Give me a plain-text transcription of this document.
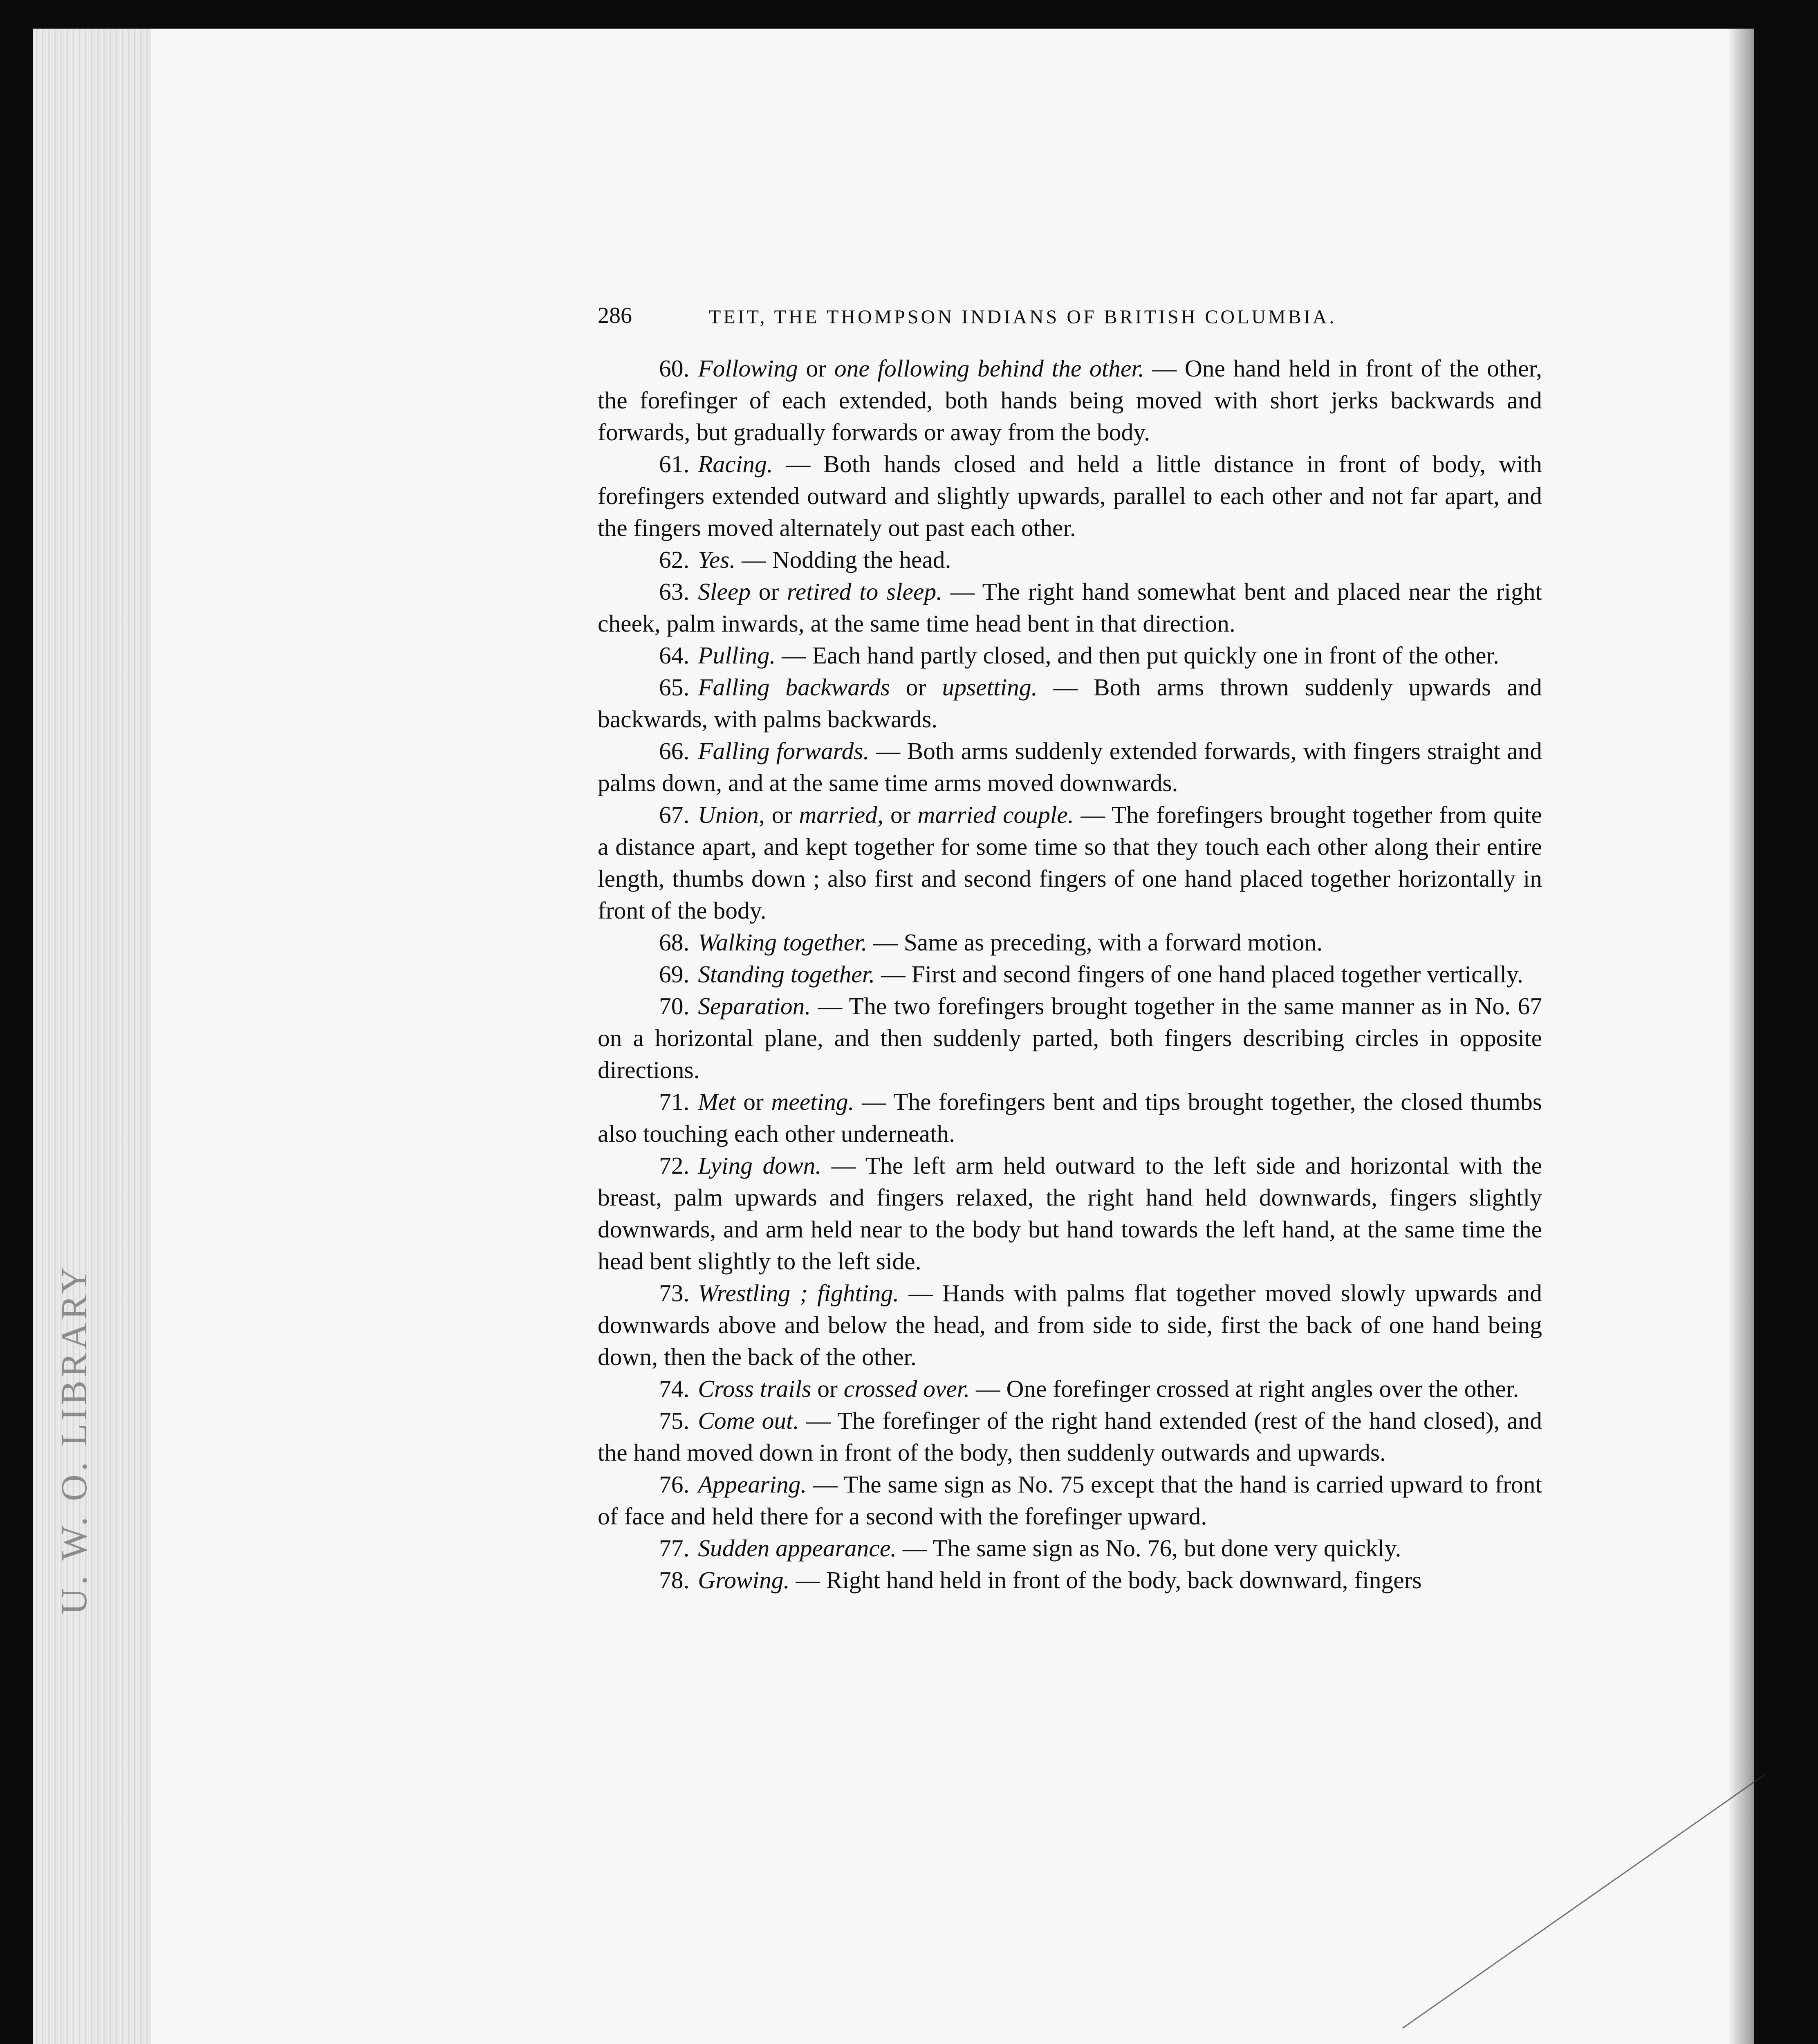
U. W. O. LIBRARY
286	TEIT, THE THOMPSON INDIANS OF BRITISH COLUMBIA.

60. Following or one following behind the other. — One hand held in front of the other, the forefinger of each extended, both hands being moved with short jerks backwards and forwards, but gradually forwards or away from the body.

61. Racing. — Both hands closed and held a little distance in front of body, with forefingers extended outward and slightly upwards, parallel to each other and not far apart, and the fingers moved alternately out past each other.

62. Yes. — Nodding the head.

63. Sleep or retired to sleep. — The right hand somewhat bent and placed near the right cheek, palm inwards, at the same time head bent in that direction.

64. Pulling. — Each hand partly closed, and then put quickly one in front of the other.

65. Falling backwards or upsetting. — Both arms thrown suddenly upwards and backwards, with palms backwards.

66. Falling forwards. — Both arms suddenly extended forwards, with fingers straight and palms down, and at the same time arms moved downwards.

67. Union, or married, or married couple. — The forefingers brought together from quite a distance apart, and kept together for some time so that they touch each other along their entire length, thumbs down ; also first and second fingers of one hand placed together horizontally in front of the body.

68. Walking together. — Same as preceding, with a forward motion.

69. Standing together. — First and second fingers of one hand placed together vertically.

70. Separation. — The two forefingers brought together in the same manner as in No. 67 on a horizontal plane, and then suddenly parted, both fingers describing circles in opposite directions.

71. Met or meeting. — The forefingers bent and tips brought together, the closed thumbs also touching each other underneath.

72. Lying down. — The left arm held outward to the left side and horizontal with the breast, palm upwards and fingers relaxed, the right hand held downwards, fingers slightly downwards, and arm held near to the body but hand towards the left hand, at the same time the head bent slightly to the left side.

73. Wrestling ; fighting. — Hands with palms flat together moved slowly upwards and downwards above and below the head, and from side to side, first the back of one hand being down, then the back of the other.

74. Cross trails or crossed over. — One forefinger crossed at right angles over the other.

75. Come out. — The forefinger of the right hand extended (rest of the hand closed), and the hand moved down in front of the body, then suddenly outwards and upwards.

76. Appearing. — The same sign as No. 75 except that the hand is carried upward to front of face and held there for a second with the forefinger upward.

77. Sudden appearance. — The same sign as No. 76, but done very quickly.

78. Growing. — Right hand held in front of the body, back downward, fingers
